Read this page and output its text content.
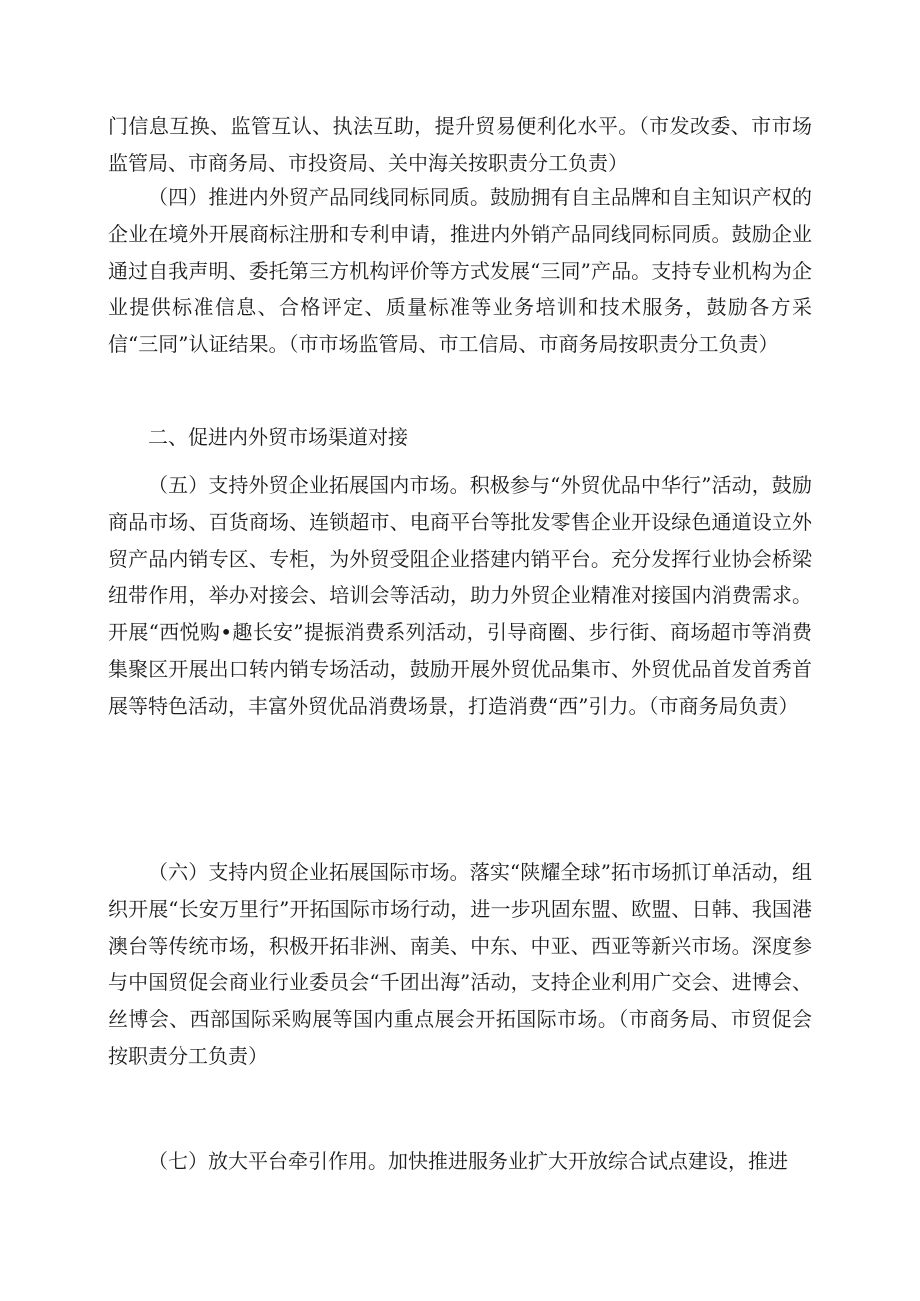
门信息互换、监管互认、执法互助，提升贸易便利化水平。（市发改委、市市场监管局、市商务局、市投资局、关中海关按职责分工负责）

（四）推进内外贸产品同线同标同质。鼓励拥有自主品牌和自主知识产权的企业在境外开展商标注册和专利申请，推进内外销产品同线同标同质。鼓励企业通过自我声明、委托第三方机构评价等方式发展“三同”产品。支持专业机构为企业提供标准信息、合格评定、质量标准等业务培训和技术服务，鼓励各方采信“三同”认证结果。（市市场监管局、市工信局、市商务局按职责分工负责）

二、促进内外贸市场渠道对接

（五）支持外贸企业拓展国内市场。积极参与“外贸优品中华行”活动，鼓励商品市场、百货商场、连锁超市、电商平台等批发零售企业开设绿色通道设立外贸产品内销专区、专柜，为外贸受阻企业搭建内销平台。充分发挥行业协会桥梁纽带作用，举办对接会、培训会等活动，助力外贸企业精准对接国内消费需求。开展“西悦购•趣长安”提振消费系列活动，引导商圈、步行街、商场超市等消费集聚区开展出口转内销专场活动，鼓励开展外贸优品集市、外贸优品首发首秀首展等特色活动，丰富外贸优品消费场景，打造消费“西”引力。（市商务局负责）

（六）支持内贸企业拓展国际市场。落实“陕耀全球”拓市场抓订单活动，组织开展“长安万里行”开拓国际市场行动，进一步巩固东盟、欧盟、日韩、我国港澳台等传统市场，积极开拓非洲、南美、中东、中亚、西亚等新兴市场。深度参与中国贸促会商业行业委员会“千团出海”活动，支持企业利用广交会、进博会、丝博会、西部国际采购展等国内重点展会开拓国际市场。（市商务局、市贸促会按职责分工负责）

（七）放大平台牵引作用。加快推进服务业扩大开放综合试点建设，推进
